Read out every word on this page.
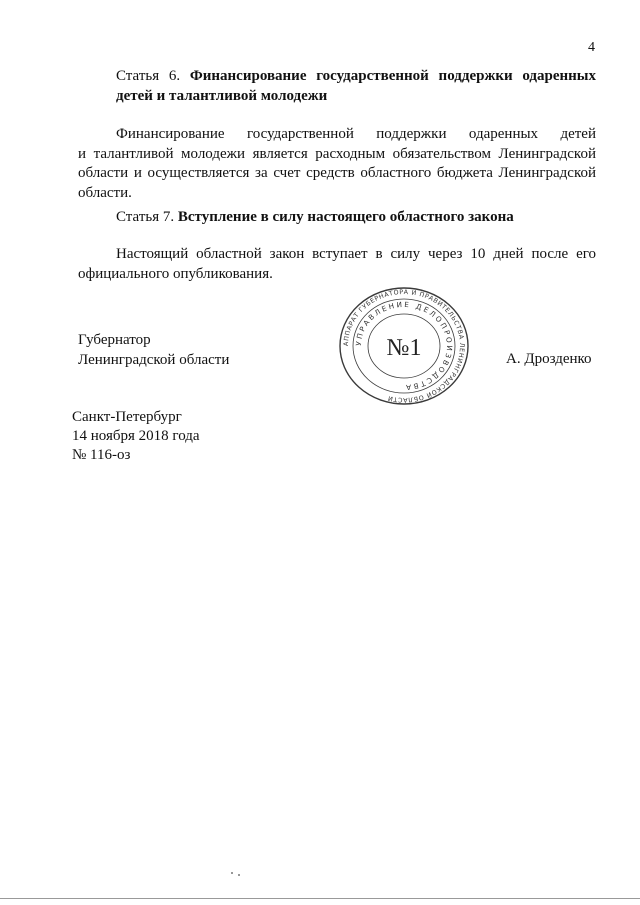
4
Статья 6. Финансирование государственной поддержки одаренных
детей и талантливой молодежи
Финансирование государственной поддержки одаренных детей
и талантливой молодежи является расходным обязательством Ленинградской
области и осуществляется за счет средств областного бюджета Ленинградской
области.
Статья 7. Вступление в силу настоящего областного закона
Настоящий областной закон вступает в силу через 10 дней после его
официального опубликования.
Губернатор
Ленинградской области	А. Дрозденко
АППАРАТ ГУБЕРНАТОРА И ПРАВИТЕЛЬСТВА ЛЕНИНГРАДСКОЙ ОБЛАСТИ
УПРАВЛЕНИЕ ДЕЛОПРОИЗВОДСТВА
№1
Санкт-Петербург
14 ноября 2018 года
№ 116-оз
